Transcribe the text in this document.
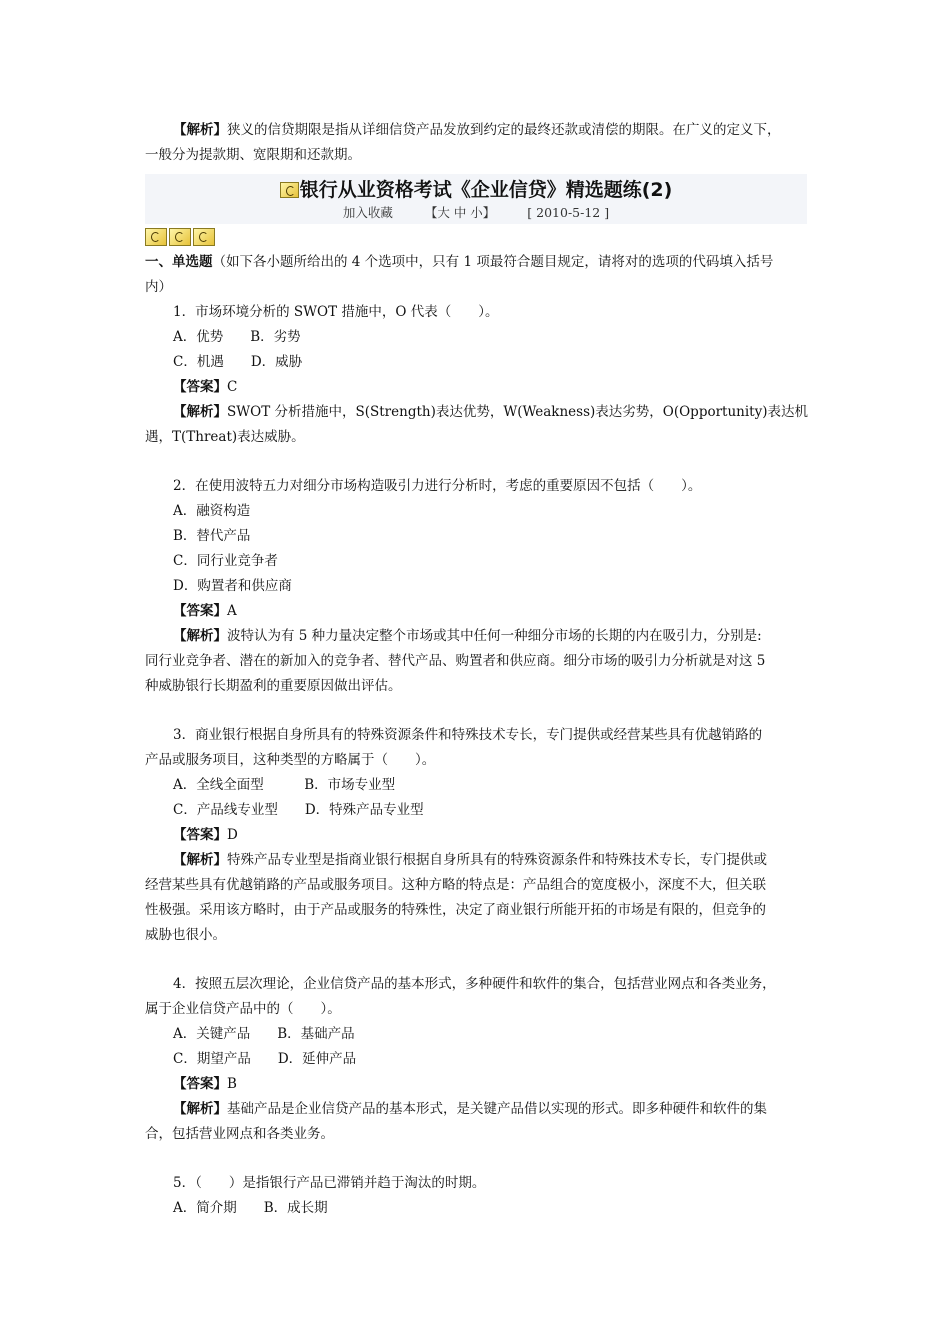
【解析】狭义的信贷期限是指从详细信贷产品发放到约定的最终还款或清偿的期限。在广义的定义下，
一般分为提款期、宽限期和还款期。
银行从业资格考试《企业信贷》精选题练(2)
加入收藏	【大 中 小】	[ 2010-5-12 ]
一、单选题（如下各小题所给出的 4 个选项中，只有 1 项最符合题目规定，请将对的选项的代码填入括号
内）
1．市场环境分析的 SWOT 措施中，O 代表（　　）。
A．优势　　B．劣势
C．机遇　　D．威胁
【答案】C
【解析】SWOT 分析措施中，S(Strength)表达优势，W(Weakness)表达劣势，O(Opportunity)表达机
遇，T(Threat)表达威胁。
2．在使用波特五力对细分市场构造吸引力进行分析时，考虑的重要原因不包括（　　）。
A．融资构造
B．替代产品
C．同行业竞争者
D．购置者和供应商
【答案】A
【解析】波特认为有 5 种力量决定整个市场或其中任何一种细分市场的长期的内在吸引力，分别是:
同行业竞争者、潜在的新加入的竞争者、替代产品、购置者和供应商。细分市场的吸引力分析就是对这 5
种威胁银行长期盈利的重要原因做出评估。
3．商业银行根据自身所具有的特殊资源条件和特殊技术专长，专门提供或经营某些具有优越销路的
产品或服务项目，这种类型的方略属于（　　）。
A．全线全面型　　　B．市场专业型
C．产品线专业型　　D．特殊产品专业型
【答案】D
【解析】特殊产品专业型是指商业银行根据自身所具有的特殊资源条件和特殊技术专长，专门提供或
经营某些具有优越销路的产品或服务项目。这种方略的特点是：产品组合的宽度极小，深度不大，但关联
性极强。采用该方略时，由于产品或服务的特殊性，决定了商业银行所能开拓的市场是有限的，但竞争的
威胁也很小。
4．按照五层次理论，企业信贷产品的基本形式，多种硬件和软件的集合，包括营业网点和各类业务，
属于企业信贷产品中的（　　）。
A．关键产品　　B．基础产品
C．期望产品　　D．延伸产品
【答案】B
【解析】基础产品是企业信贷产品的基本形式，是关键产品借以实现的形式。即多种硬件和软件的集
合，包括营业网点和各类业务。
5．（　　）是指银行产品已滞销并趋于淘汰的时期。
A．简介期　　B．成长期
